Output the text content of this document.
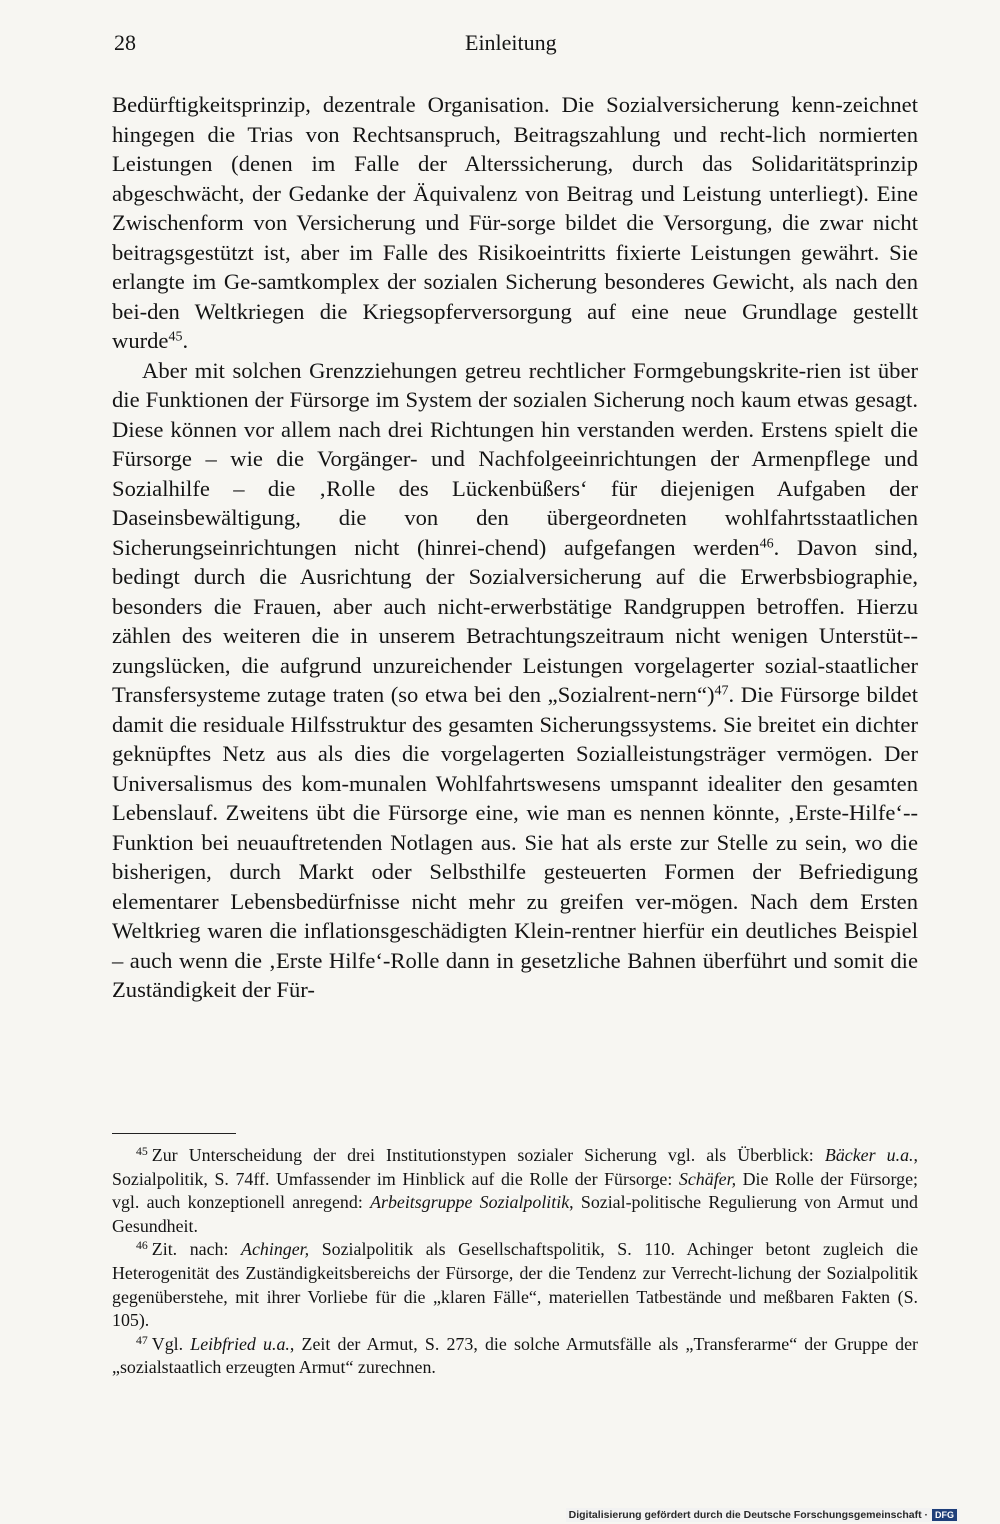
28	Einleitung

Bedürftigkeitsprinzip, dezentrale Organisation. Die Sozialversicherung kenn-zeichnet hingegen die Trias von Rechtsanspruch, Beitragszahlung und recht-lich normierten Leistungen (denen im Falle der Alterssicherung, durch das Solidaritätsprinzip abgeschwächt, der Gedanke der Äquivalenz von Beitrag und Leistung unterliegt). Eine Zwischenform von Versicherung und Für-sorge bildet die Versorgung, die zwar nicht beitragsgestützt ist, aber im Falle des Risikoeintritts fixierte Leistungen gewährt. Sie erlangte im Ge-samtkomplex der sozialen Sicherung besonderes Gewicht, als nach den bei-den Weltkriegen die Kriegsopferversorgung auf eine neue Grundlage gestellt wurde$^{45}$.

Aber mit solchen Grenzziehungen getreu rechtlicher Formgebungskrite-rien ist über die Funktionen der Fürsorge im System der sozialen Sicherung noch kaum etwas gesagt. Diese können vor allem nach drei Richtungen hin verstanden werden. Erstens spielt die Fürsorge – wie die Vorgänger- und Nachfolgeeinrichtungen der Armenpflege und Sozialhilfe – die ‚Rolle des Lückenbüßers‘ für diejenigen Aufgaben der Daseinsbewältigung, die von den übergeordneten wohlfahrtsstaatlichen Sicherungseinrichtungen nicht (hinrei-chend) aufgefangen werden$^{46}$. Davon sind, bedingt durch die Ausrichtung der Sozialversicherung auf die Erwerbsbiographie, besonders die Frauen, aber auch nicht-erwerbstätige Randgruppen betroffen. Hierzu zählen des weiteren die in unserem Betrachtungszeitraum nicht wenigen Unterstüt-zungslücken, die aufgrund unzureichender Leistungen vorgelagerter sozial-staatlicher Transfersysteme zutage traten (so etwa bei den „Sozialrent-nern“)$^{47}$. Die Fürsorge bildet damit die residuale Hilfsstruktur des gesamten Sicherungssystems. Sie breitet ein dichter geknüpftes Netz aus als dies die vorgelagerten Sozialleistungsträger vermögen. Der Universalismus des kom-munalen Wohlfahrtswesens umspannt idealiter den gesamten Lebenslauf. Zweitens übt die Fürsorge eine, wie man es nennen könnte, ‚Erste-Hilfe‘-Funktion bei neuauftretenden Notlagen aus. Sie hat als erste zur Stelle zu sein, wo die bisherigen, durch Markt oder Selbsthilfe gesteuerten Formen der Befriedigung elementarer Lebensbedürfnisse nicht mehr zu greifen ver-mögen. Nach dem Ersten Weltkrieg waren die inflationsgeschädigten Klein-rentner hierfür ein deutliches Beispiel – auch wenn die ‚Erste Hilfe‘-Rolle dann in gesetzliche Bahnen überführt und somit die Zuständigkeit der Für-

$^{45}$ Zur Unterscheidung der drei Institutionstypen sozialer Sicherung vgl. als Überblick: Bäcker u.a., Sozialpolitik, S. 74ff. Umfassender im Hinblick auf die Rolle der Fürsorge: Schäfer, Die Rolle der Fürsorge; vgl. auch konzeptionell anregend: Arbeitsgruppe Sozialpolitik, Sozial-politische Regulierung von Armut und Gesundheit.

$^{46}$ Zit. nach: Achinger, Sozialpolitik als Gesellschaftspolitik, S. 110. Achinger betont zugleich die Heterogenität des Zuständigkeitsbereichs der Fürsorge, der die Tendenz zur Verrecht-lichung der Sozialpolitik gegenüberstehe, mit ihrer Vorliebe für die „klaren Fälle“, materiellen Tatbestände und meßbaren Fakten (S. 105).

$^{47}$ Vgl. Leibfried u.a., Zeit der Armut, S. 273, die solche Armutsfälle als „Transferarme“ der Gruppe der „sozialstaatlich erzeugten Armut“ zurechnen.

Digitalisierung gefördert durch die Deutsche Forschungsgemeinschaft · DFG
